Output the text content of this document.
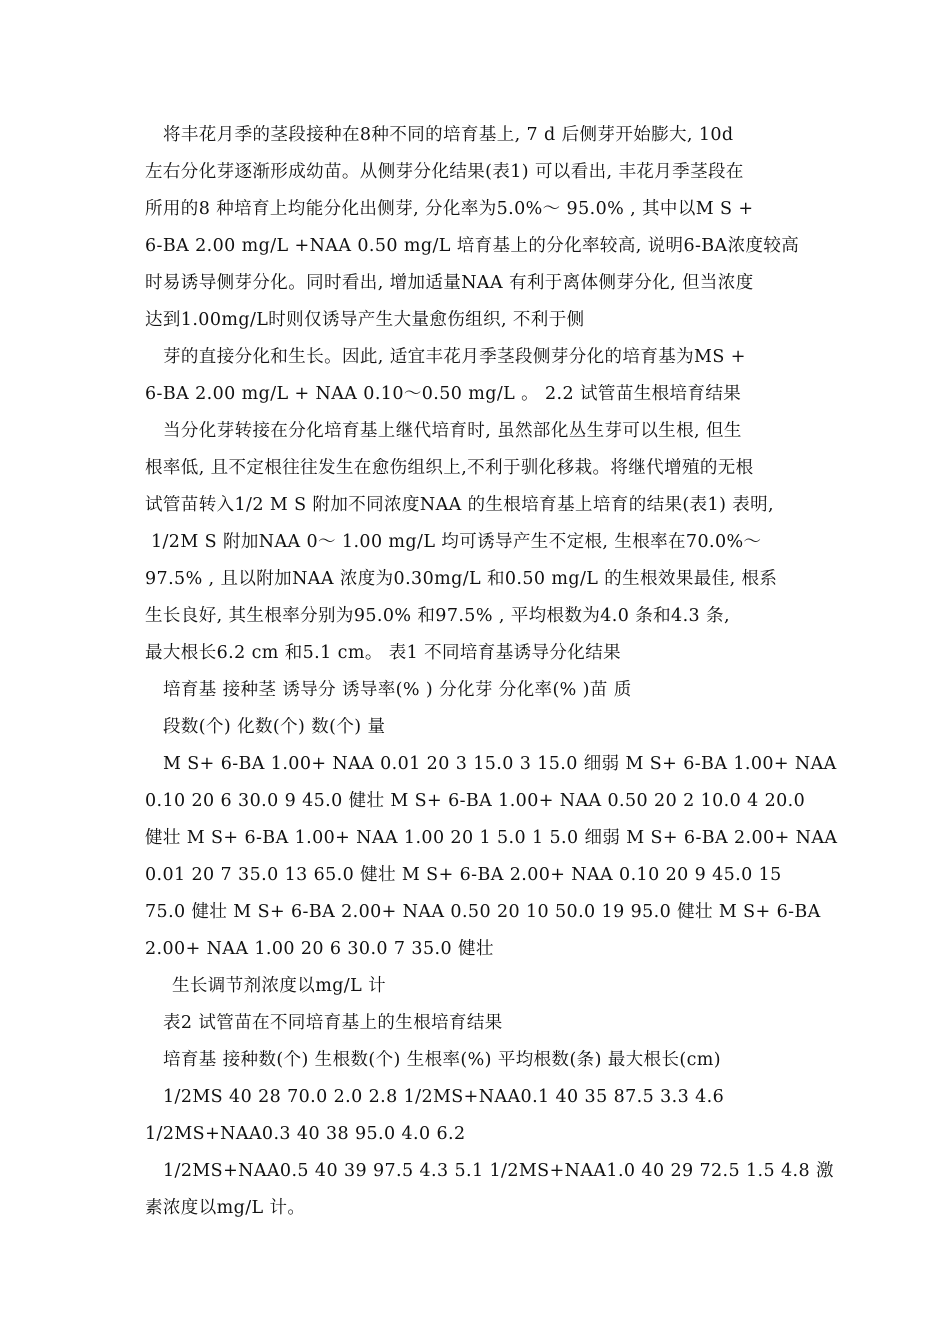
将丰花月季的茎段接种在8种不同的培育基上, 7 d 后侧芽开始膨大, 10d
左右分化芽逐渐形成幼苗。从侧芽分化结果(表1) 可以看出, 丰花月季茎段在
所用的8 种培育上均能分化出侧芽, 分化率为5.0%～ 95.0% , 其中以M S +
6-BA 2.00 mg/L +NAA 0.50 mg/L 培育基上的分化率较高, 说明6-BA浓度较高
时易诱导侧芽分化。同时看出, 增加适量NAA 有利于离体侧芽分化, 但当浓度
达到1.00mg/L时则仅诱导产生大量愈伤组织, 不利于侧
芽的直接分化和生长。因此, 适宜丰花月季茎段侧芽分化的培育基为MS +
6-BA 2.00 mg/L + NAA 0.10～0.50 mg/L 。 2.2 试管苗生根培育结果
当分化芽转接在分化培育基上继代培育时, 虽然部化丛生芽可以生根, 但生
根率低, 且不定根往往发生在愈伤组织上,不利于驯化移栽。将继代增殖的无根
试管苗转入1/2 M S 附加不同浓度NAA 的生根培育基上培育的结果(表1) 表明,
1/2M S 附加NAA 0～ 1.00 mg/L 均可诱导产生不定根, 生根率在70.0%～
97.5% , 且以附加NAA 浓度为0.30mg/L 和0.50 mg/L 的生根效果最佳, 根系
生长良好, 其生根率分别为95.0% 和97.5% , 平均根数为4.0 条和4.3 条,
最大根长6.2 cm 和5.1 cm。 表1 不同培育基诱导分化结果
培育基 接种茎 诱导分 诱导率(% ) 分化芽 分化率(% )苗 质
段数(个) 化数(个) 数(个) 量
M S+ 6-BA 1.00+ NAA 0.01 20 3 15.0 3 15.0 细弱 M S+ 6-BA 1.00+ NAA
0.10 20 6 30.0 9 45.0 健壮 M S+ 6-BA 1.00+ NAA 0.50 20 2 10.0 4 20.0
健壮 M S+ 6-BA 1.00+ NAA 1.00 20 1 5.0 1 5.0 细弱 M S+ 6-BA 2.00+ NAA
0.01 20 7 35.0 13 65.0 健壮 M S+ 6-BA 2.00+ NAA 0.10 20 9 45.0 15
75.0 健壮 M S+ 6-BA 2.00+ NAA 0.50 20 10 50.0 19 95.0 健壮 M S+ 6-BA
2.00+ NAA 1.00 20 6 30.0 7 35.0 健壮
生长调节剂浓度以mg/L 计
表2 试管苗在不同培育基上的生根培育结果
培育基 接种数(个) 生根数(个) 生根率(%) 平均根数(条) 最大根长(cm)
1/2MS 40 28 70.0 2.0 2.8 1/2MS+NAA0.1 40 35 87.5 3.3 4.6
1/2MS+NAA0.3 40 38 95.0 4.0 6.2
1/2MS+NAA0.5 40 39 97.5 4.3 5.1 1/2MS+NAA1.0 40 29 72.5 1.5 4.8 激
素浓度以mg/L 计。
